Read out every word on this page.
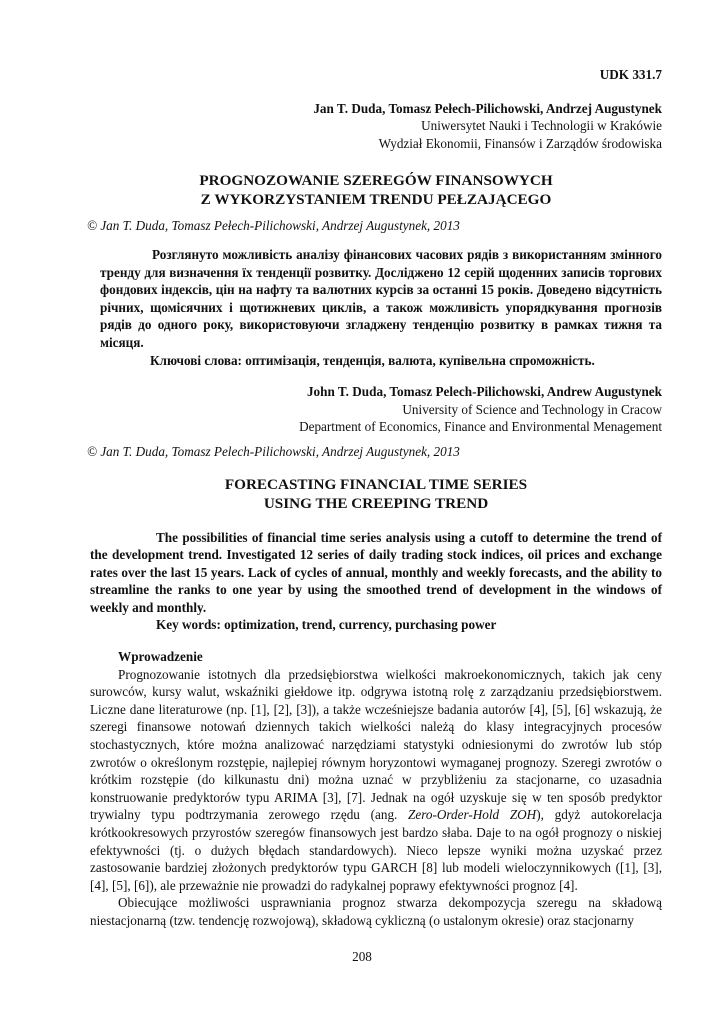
UDK 331.7

Jan T. Duda, Tomasz Pełech-Pilichowski, Andrzej Augustynek

Uniwersytet Nauki i Technologii w Krakówie

Wydział Ekonomii, Finansów i Zarządów środowiska

PROGNOZOWANIE SZEREGÓW FINANSOWYCH

Z WYKORZYSTANIEM TRENDU PEŁZAJĄCEGO

© Jan T. Duda, Tomasz Pełech-Pilichowski, Andrzej Augustynek, 2013

Розглянуто можливість аналізу фінансових часових рядів з використанням змінного тренду для визначення їх тенденції розвитку. Досліджено 12 серій щоденних записів торгових фондових індексів, цін на нафту та валютних курсів за останні 15 років. Доведено відсутність річних, щомісячних і щотижневих циклів, а також можливість упорядкування прогнозів рядів до одного року, використовуючи згладжену тенденцію розвитку в рамках тижня та місяця.

Ключові слова: оптимізація, тенденція, валюта, купівельна спроможність.

John T. Duda, Tomasz Pelech-Pilichowski, Andrew Augustynek

University of Science and Technology in Cracow

Department of Economics, Finance and Environmental Menagement

© Jan T. Duda, Tomasz Pelech-Pilichowski, Andrzej Augustynek, 2013

FORECASTING FINANCIAL TIME SERIES

USING THE CREEPING TREND

The possibilities of financial time series analysis using a cutoff to determine the trend of the development trend. Investigated 12 series of daily trading stock indices, oil prices and exchange rates over the last 15 years. Lack of cycles of annual, monthly and weekly forecasts, and the ability to streamline the ranks to one year by using the smoothed trend of development in the windows of weekly and monthly.

Key words: optimization, trend, currency, purchasing power

Wprowadzenie

Prognozowanie istotnych dla przedsiębiorstwa wielkości makroekonomicznych, takich jak ceny surowców, kursy walut, wskaźniki giełdowe itp. odgrywa istotną rolę z zarządzaniu przedsiębiorstwem. Liczne dane literaturowe (np. [1], [2], [3]), a także wcześniejsze badania autorów [4], [5], [6] wskazują, że szeregi finansowe notowań dziennych takich wielkości należą do klasy integracyjnych procesów stochastycznych, które można analizować narzędziami statystyki odniesionymi do zwrotów lub stóp zwrotów o określonym rozstępie, najlepiej równym horyzontowi wymaganej prognozy. Szeregi zwrotów o krótkim rozstępie (do kilkunastu dni) można uznać w przybliżeniu za stacjonarne, co uzasadnia konstruowanie predyktorów typu ARIMA [3], [7]. Jednak na ogół uzyskuje się w ten sposób predyktor trywialny typu podtrzymania zerowego rzędu (ang. Zero-Order-Hold ZOH), gdyż autokorelacja krótkookresowych przyrostów szeregów finansowych jest bardzo słaba. Daje to na ogół prognozy o niskiej efektywności (tj. o dużych błędach standardowych). Nieco lepsze wyniki można uzyskać przez zastosowanie bardziej złożonych predyktorów typu GARCH [8] lub modeli wieloczynnikowych ([1], [3], [4], [5], [6]), ale przeważnie nie prowadzi do radykalnej poprawy efektywności prognoz [4].

Obiecujące możliwości usprawniania prognoz stwarza dekompozycja szeregu na składową niestacjonarną (tzw. tendencję rozwojową), składową cykliczną (o ustalonym okresie) oraz stacjonarny

208
